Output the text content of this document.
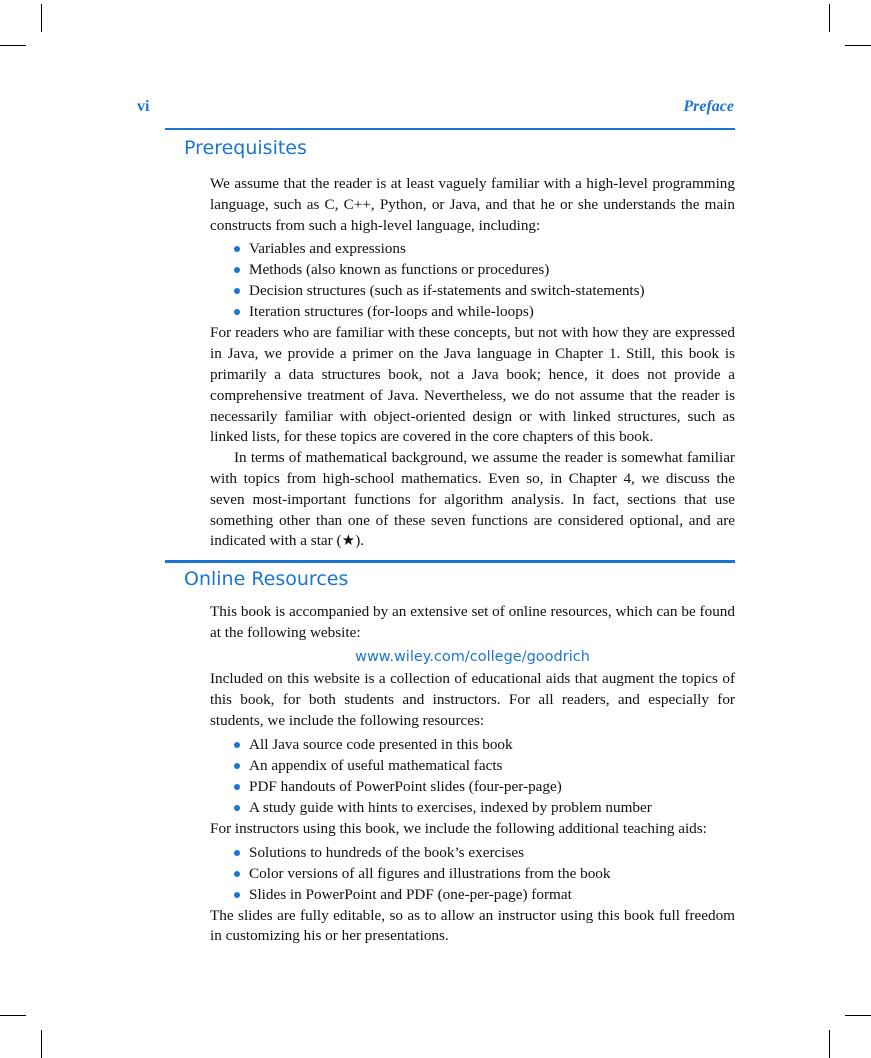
vi	Preface
Prerequisites

We assume that the reader is at least vaguely familiar with a high-level programming language, such as C, C++, Python, or Java, and that he or she understands the main constructs from such a high-level language, including:

Variables and expressions
Methods (also known as functions or procedures)
Decision structures (such as if-statements and switch-statements)
Iteration structures (for-loops and while-loops)

For readers who are familiar with these concepts, but not with how they are expressed in Java, we provide a primer on the Java language in Chapter 1. Still, this book is primarily a data structures book, not a Java book; hence, it does not provide a comprehensive treatment of Java. Nevertheless, we do not assume that the reader is necessarily familiar with object-oriented design or with linked structures, such as linked lists, for these topics are covered in the core chapters of this book.

In terms of mathematical background, we assume the reader is somewhat familiar with topics from high-school mathematics. Even so, in Chapter 4, we discuss the seven most-important functions for algorithm analysis. In fact, sections that use something other than one of these seven functions are considered optional, and are indicated with a star (★).

Online Resources

This book is accompanied by an extensive set of online resources, which can be found at the following website:

www.wiley.com/college/goodrich

Included on this website is a collection of educational aids that augment the topics of this book, for both students and instructors. For all readers, and especially for students, we include the following resources:

All Java source code presented in this book
An appendix of useful mathematical facts
PDF handouts of PowerPoint slides (four-per-page)
A study guide with hints to exercises, indexed by problem number

For instructors using this book, we include the following additional teaching aids:

Solutions to hundreds of the book’s exercises
Color versions of all figures and illustrations from the book
Slides in PowerPoint and PDF (one-per-page) format

The slides are fully editable, so as to allow an instructor using this book full freedom in customizing his or her presentations.
